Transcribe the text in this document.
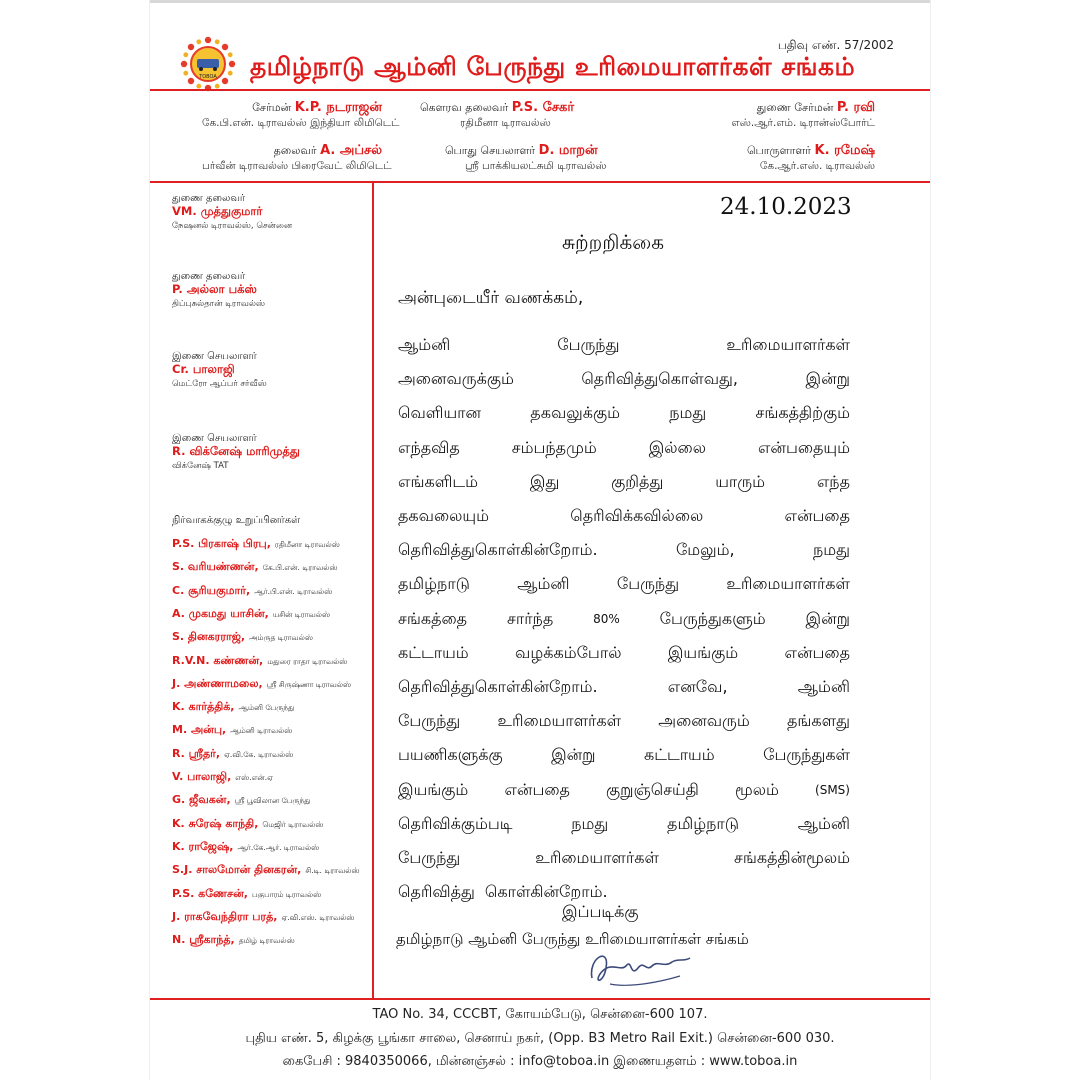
TOBOA
பதிவு எண். 57/2002
தமிழ்நாடு ஆம்னி பேருந்து உரிமையாளர்கள் சங்கம்
சேர்மன் K.P. நடராஜன்
கே.பி.என். டிராவல்ஸ் இந்தியா லிமிடெட்
கௌரவ தலைவர் P.S. சேகர்
ரதிமீனா டிராவல்ஸ்
துணை சேர்மன் P. ரவி
எஸ்.ஆர்.எம். டிரான்ஸ்போர்ட்
தலைவர் A. அப்சல்
பர்வீன் டிராவல்ஸ் பிரைவேட் லிமிடெட்
பொது செயலாளர் D. மாறன்
ஸ்ரீ பாக்கியலட்சுமி டிராவல்ஸ்
பொருளாளர் K. ரமேஷ்
கே.ஆர்.எஸ். டிராவல்ஸ்
துணை தலைவர்
VM. முத்துகுமார்
நேஷனல் டிராவல்ஸ், சென்னை
துணை தலைவர்
P. அல்லா பக்ஸ்
திப்புசுல்தான் டிராவல்ஸ்
இணை செயலாளர்
Cr. பாலாஜி
மெட்ரோ ஆப்பர் சர்வீஸ்
இணை செயலாளர்
R. விக்னேஷ் மாரிமுத்து
விக்னேஷ் TAT
நிர்வாகக்குழு உறுப்பினர்கள்
P.S. பிரகாஷ் பிரபு, ரதிமீனா டிராவல்ஸ்
S. வரியண்ணன், கே.பி.என். டிராவல்ஸ்
C. சூரியகுமார், ஆர்.பி.என். டிராவல்ஸ்
A. முகமது யாசின், யசின் டிராவல்ஸ்
S. தினகரராஜ், அம்ருத டிராவல்ஸ்
R.V.N. கண்ணன், மதுரை ராதா டிராவல்ஸ்
J. அண்ணாமலை, ஸ்ரீ சிருஷ்ணா டிராவல்ஸ்
K. கார்த்திக், ஆம்னி பேருந்து
M. அன்பு, ஆம்னி டிராவல்ஸ்
R. ஸ்ரீதர், ஏ.வி.கே. டிராவல்ஸ்
V. பாலாஜி, எஸ்.என்.ஏ
G. ஜீவகன், ஸ்ரீ பூவிலான பேருந்து
K. சுரேஷ் காந்தி, மெஜிர் டிராவல்ஸ்
K. ராஜேஷ், ஆர்.கே.ஆர். டிராவல்ஸ்
S.J. சாலமோன் தினகரன், சி.டி. டிராவல்ஸ்
P.S. கணேசன், பகுபாரம் டிராவல்ஸ்
J. ராகவேந்திரா பரத், ஏ.வி.எஸ். டிராவல்ஸ்
N. ஸ்ரீகாந்த், தமிழ் டிராவல்ஸ்
24.10.2023
சுற்றறிக்கை
அன்புடையீர் வணக்கம்,
ஆம்னி	பேருந்து	உரிமையாளர்கள்
அனைவருக்கும்	தெரிவித்துகொள்வது,	இன்று
வெளியான	தகவலுக்கும்	நமது	சங்கத்திற்கும்
எந்தவித	சம்பந்தமும்	இல்லை	என்பதையும்
எங்களிடம்	இது	குறித்து	யாரும்	எந்த
தகவலையும்	தெரிவிக்கவில்லை	என்பதை
தெரிவித்துகொள்கின்றோம்.	மேலும்,	நமது
தமிழ்நாடு	ஆம்னி	பேருந்து	உரிமையாளர்கள்
சங்கத்தை சார்ந்த	80% பேருந்துகளும் இன்று
கட்டாயம்	வழக்கம்போல்	இயங்கும்	என்பதை
தெரிவித்துகொள்கின்றோம்.	எனவே,	ஆம்னி
பேருந்து உரிமையாளர்கள் அனைவரும் தங்களது
பயணிகளுக்கு	இன்று	கட்டாயம்	பேருந்துகள்
இயங்கும் என்பதை குறுஞ்செய்தி மூலம்	(SMS)
தெரிவிக்கும்படி	நமது	தமிழ்நாடு	ஆம்னி
பேருந்து	உரிமையாளர்கள்	சங்கத்தின்மூலம்
தெரிவித்து கொள்கின்றோம்.
இப்படிக்கு
தமிழ்நாடு ஆம்னி பேருந்து உரிமையாளர்கள் சங்கம்
TAO No. 34, CCCBT, கோயம்பேடு, சென்னை-600 107.
புதிய எண். 5, கிழக்கு பூங்கா சாலை, செனாய் நகர், (Opp. B3 Metro Rail Exit.) சென்னை-600 030.
கைபேசி : 9840350066, மின்னஞ்சல் : info@toboa.in இணையதளம் : www.toboa.in
